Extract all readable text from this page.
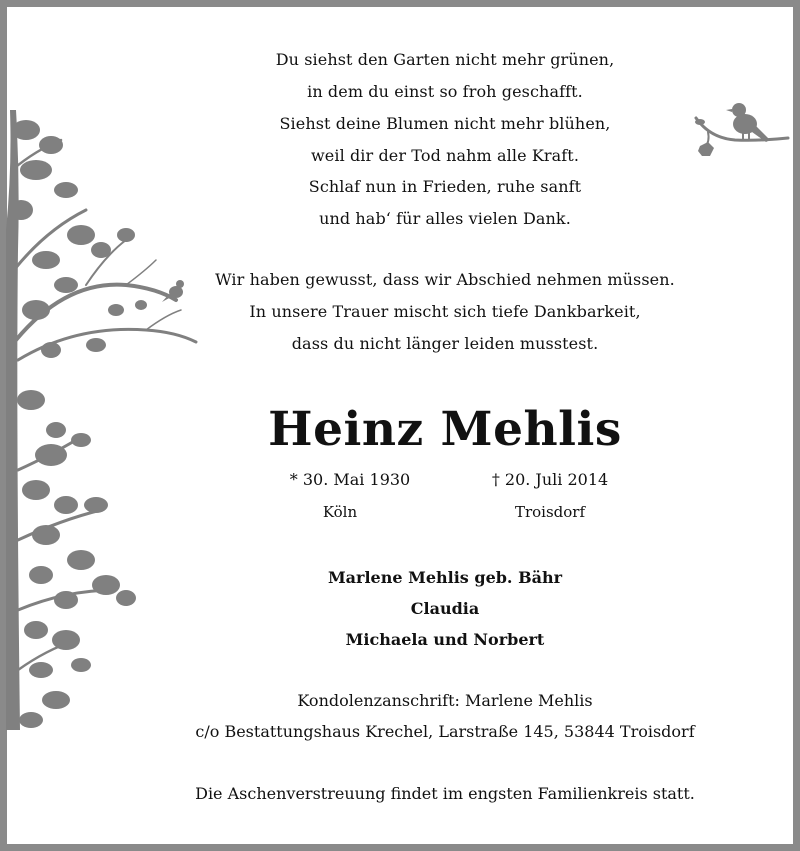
Du siehst den Garten nicht mehr grünen,
in dem du einst so froh geschafft.
Siehst deine Blumen nicht mehr blühen,
weil dir der Tod nahm alle Kraft.
Schlaf nun in Frieden, ruhe sanft
und hab‘ für alles vielen Dank.
Wir haben gewusst, dass wir Abschied nehmen müssen.
In unsere Trauer mischt sich tiefe Dankbarkeit,
dass du nicht länger leiden musstest.
Heinz Mehlis
* 30. Mai 1930	† 20. Juli 2014
Köln	Troisdorf
Marlene Mehlis geb. Bähr
Claudia
Michaela und Norbert
Kondolenzanschrift: Marlene Mehlis
c/o Bestattungshaus Krechel, Larstraße 145, 53844 Troisdorf
Die Aschenverstreuung findet im engsten Familienkreis statt.
